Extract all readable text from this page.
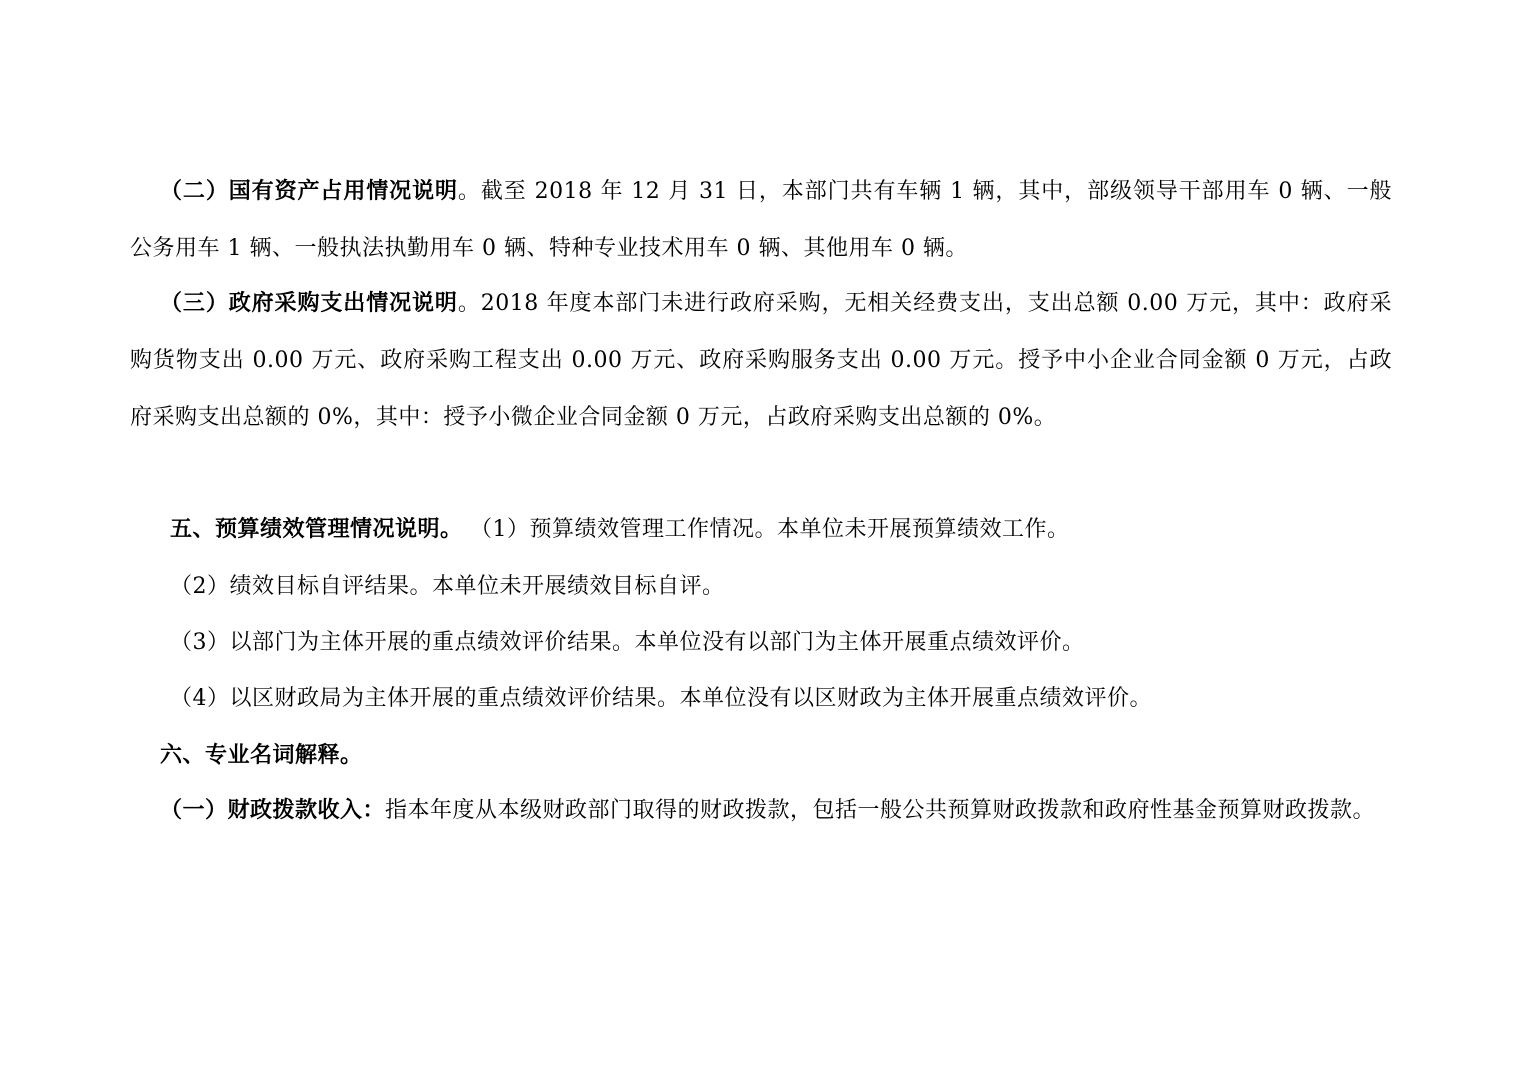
（二）国有资产占用情况说明。截至 2018 年 12 月 31 日，本部门共有车辆 1 辆，其中，部级领导干部用车 0 辆、一般公务用车 1 辆、一般执法执勤用车 0 辆、特种专业技术用车 0 辆、其他用车 0 辆。

（三）政府采购支出情况说明。2018 年度本部门未进行政府采购，无相关经费支出，支出总额 0.00 万元，其中：政府采购货物支出 0.00 万元、政府采购工程支出 0.00 万元、政府采购服务支出 0.00 万元。授予中小企业合同金额 0 万元，占政府采购支出总额的 0%，其中：授予小微企业合同金额 0 万元，占政府采购支出总额的 0%。

五、预算绩效管理情况说明。 （1）预算绩效管理工作情况。本单位未开展预算绩效工作。

（2）绩效目标自评结果。本单位未开展绩效目标自评。

（3）以部门为主体开展的重点绩效评价结果。本单位没有以部门为主体开展重点绩效评价。

（4）以区财政局为主体开展的重点绩效评价结果。本单位没有以区财政为主体开展重点绩效评价。

六、专业名词解释。

（一）财政拨款收入：指本年度从本级财政部门取得的财政拨款，包括一般公共预算财政拨款和政府性基金预算财政拨款。
